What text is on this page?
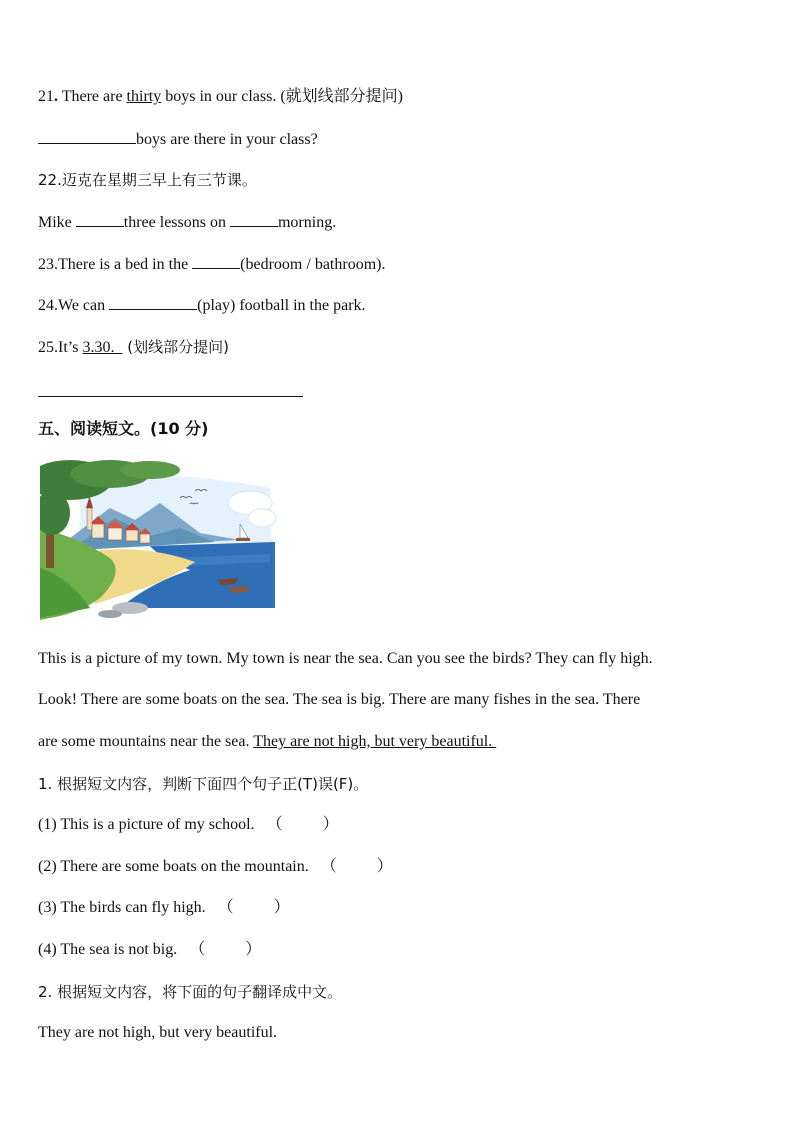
21. There are thirty boys in our class. (就划线部分提问)
boys are there in your class?
22.迈克在星期三早上有三节课。
Mike	three lessons on	morning.
23.There is a bed in the	(bedroom / bathroom).
24.We can	(play) football in the park.
25.It’s 3.30.   (划线部分提问)
五、阅读短文。(10 分)
This is a picture of my town. My town is near the sea. Can you see the birds? They can fly high.
Look! There are some boats on the sea. The sea is big. There are many fishes in the sea. There
are some mountains near the sea. They are not high, but very beautiful.
1. 根据短文内容，判断下面四个句子正(T)误(F)。
(1) This is a picture of my school. （	）
(2) There are some boats on the mountain. （	）
(3) The birds can fly high. （	）
(4) The sea is not big. （	）
2. 根据短文内容，将下面的句子翻译成中文。
They are not high, but very beautiful.
